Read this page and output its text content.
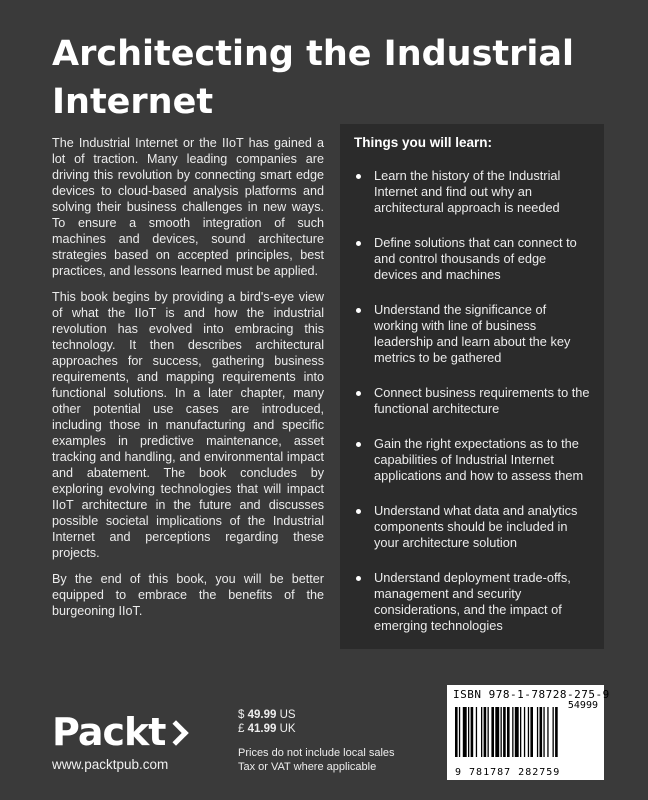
Architecting the Industrial
Internet

The Industrial Internet or the IIoT has gained a lot of traction. Many leading companies are driving this revolution by connecting smart edge devices to cloud-based analysis platforms and solving their business challenges in new ways. To ensure a smooth integration of such machines and devices, sound architecture strategies based on accepted principles, best practices, and lessons learned must be applied.

This book begins by providing a bird's-eye view of what the IIoT is and how the industrial revolution has evolved into embracing this technology. It then describes architectural approaches for success, gathering business requirements, and mapping requirements into functional solutions. In a later chapter, many other potential use cases are introduced, including those in manufacturing and specific examples in predictive maintenance, asset tracking and handling, and environmental impact and abatement. The book concludes by exploring evolving technologies that will impact IIoT architecture in the future and discusses possible societal implications of the Industrial Internet and perceptions regarding these projects.

By the end of this book, you will be better equipped to embrace the benefits of the burgeoning IIoT.

Things you will learn:
Learn the history of the Industrial Internet and find out why an architectural approach is needed
Define solutions that can connect to and control thousands of edge devices and machines
Understand the significance of working with line of business leadership and learn about the key metrics to be gathered
Connect business requirements to the functional architecture
Gain the right expectations as to the capabilities of Industrial Internet applications and how to assess them
Understand what data and analytics components should be included in your architecture solution
Understand deployment trade-offs, management and security considerations, and the impact of emerging technologies
Packt
www.packtpub.com
$ 49.99 US
£ 41.99 UK
Prices do not include local sales
Tax or VAT where applicable
ISBN 978-1-78728-275-9
54999
9 781787 282759
